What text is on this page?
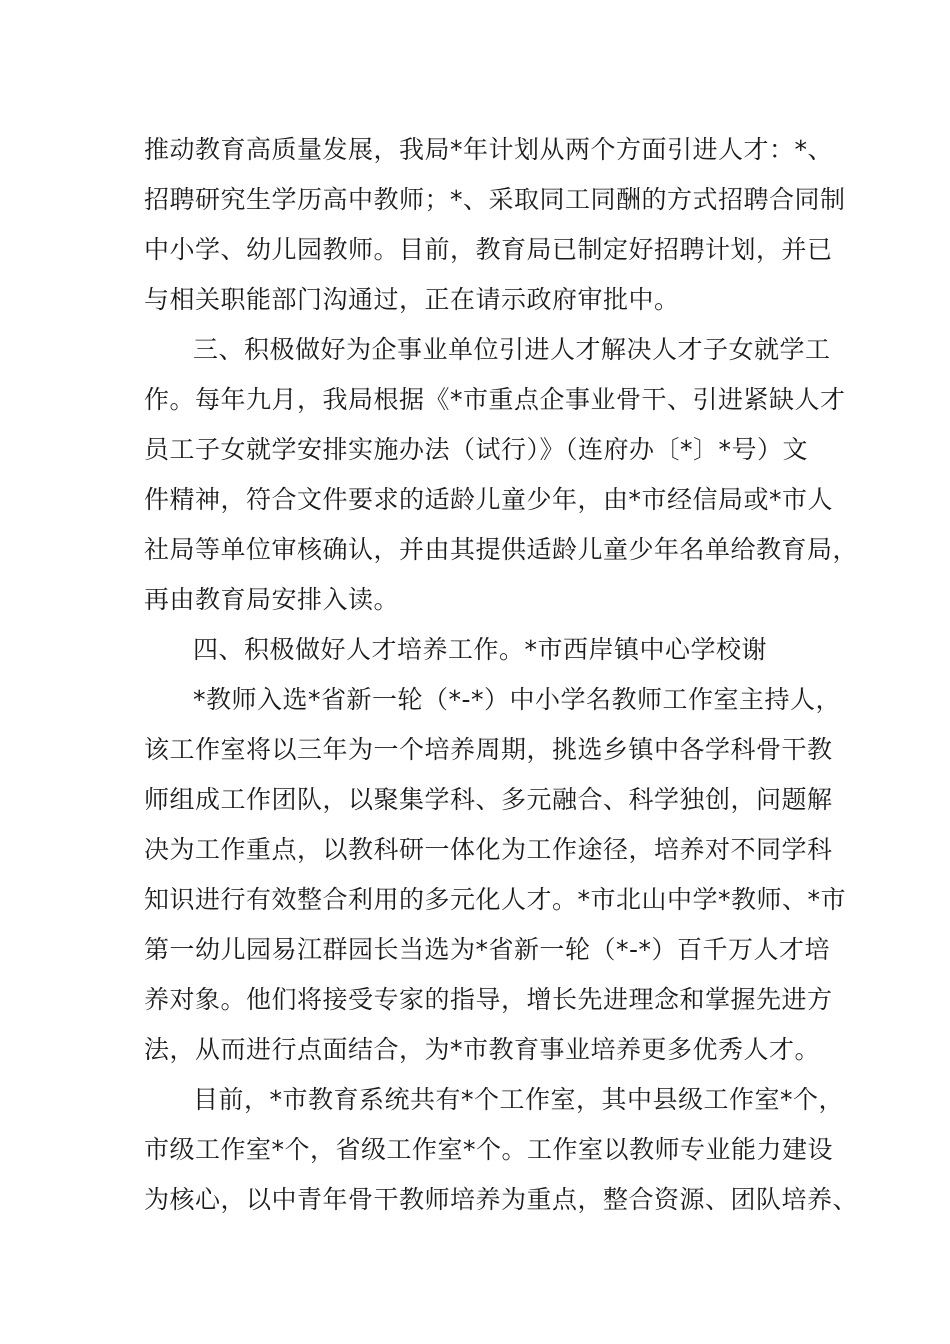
推动教育高质量发展，我局*年计划从两个方面引进人才：*、
招聘研究生学历高中教师；*、采取同工同酬的方式招聘合同制
中小学、幼儿园教师。目前，教育局已制定好招聘计划，并已
与相关职能部门沟通过，正在请示政府审批中。
三、积极做好为企事业单位引进人才解决人才子女就学工
作。每年九月，我局根据《*市重点企事业骨干、引进紧缺人才
员工子女就学安排实施办法（试行）》（连府办〔*〕*号）文
件精神，符合文件要求的适龄儿童少年，由*市经信局或*市人
社局等单位审核确认，并由其提供适龄儿童少年名单给教育局，
再由教育局安排入读。
四、积极做好人才培养工作。*市西岸镇中心学校谢
*教师入选*省新一轮（*-*）中小学名教师工作室主持人，
该工作室将以三年为一个培养周期，挑选乡镇中各学科骨干教
师组成工作团队，以聚集学科、多元融合、科学独创，问题解
决为工作重点，以教科研一体化为工作途径，培养对不同学科
知识进行有效整合利用的多元化人才。*市北山中学*教师、*市
第一幼儿园易江群园长当选为*省新一轮（*-*）百千万人才培
养对象。他们将接受专家的指导，增长先进理念和掌握先进方
法，从而进行点面结合，为*市教育事业培养更多优秀人才。
目前，*市教育系统共有*个工作室，其中县级工作室*个，
市级工作室*个，省级工作室*个。工作室以教师专业能力建设
为核心，以中青年骨干教师培养为重点，整合资源、团队培养、
